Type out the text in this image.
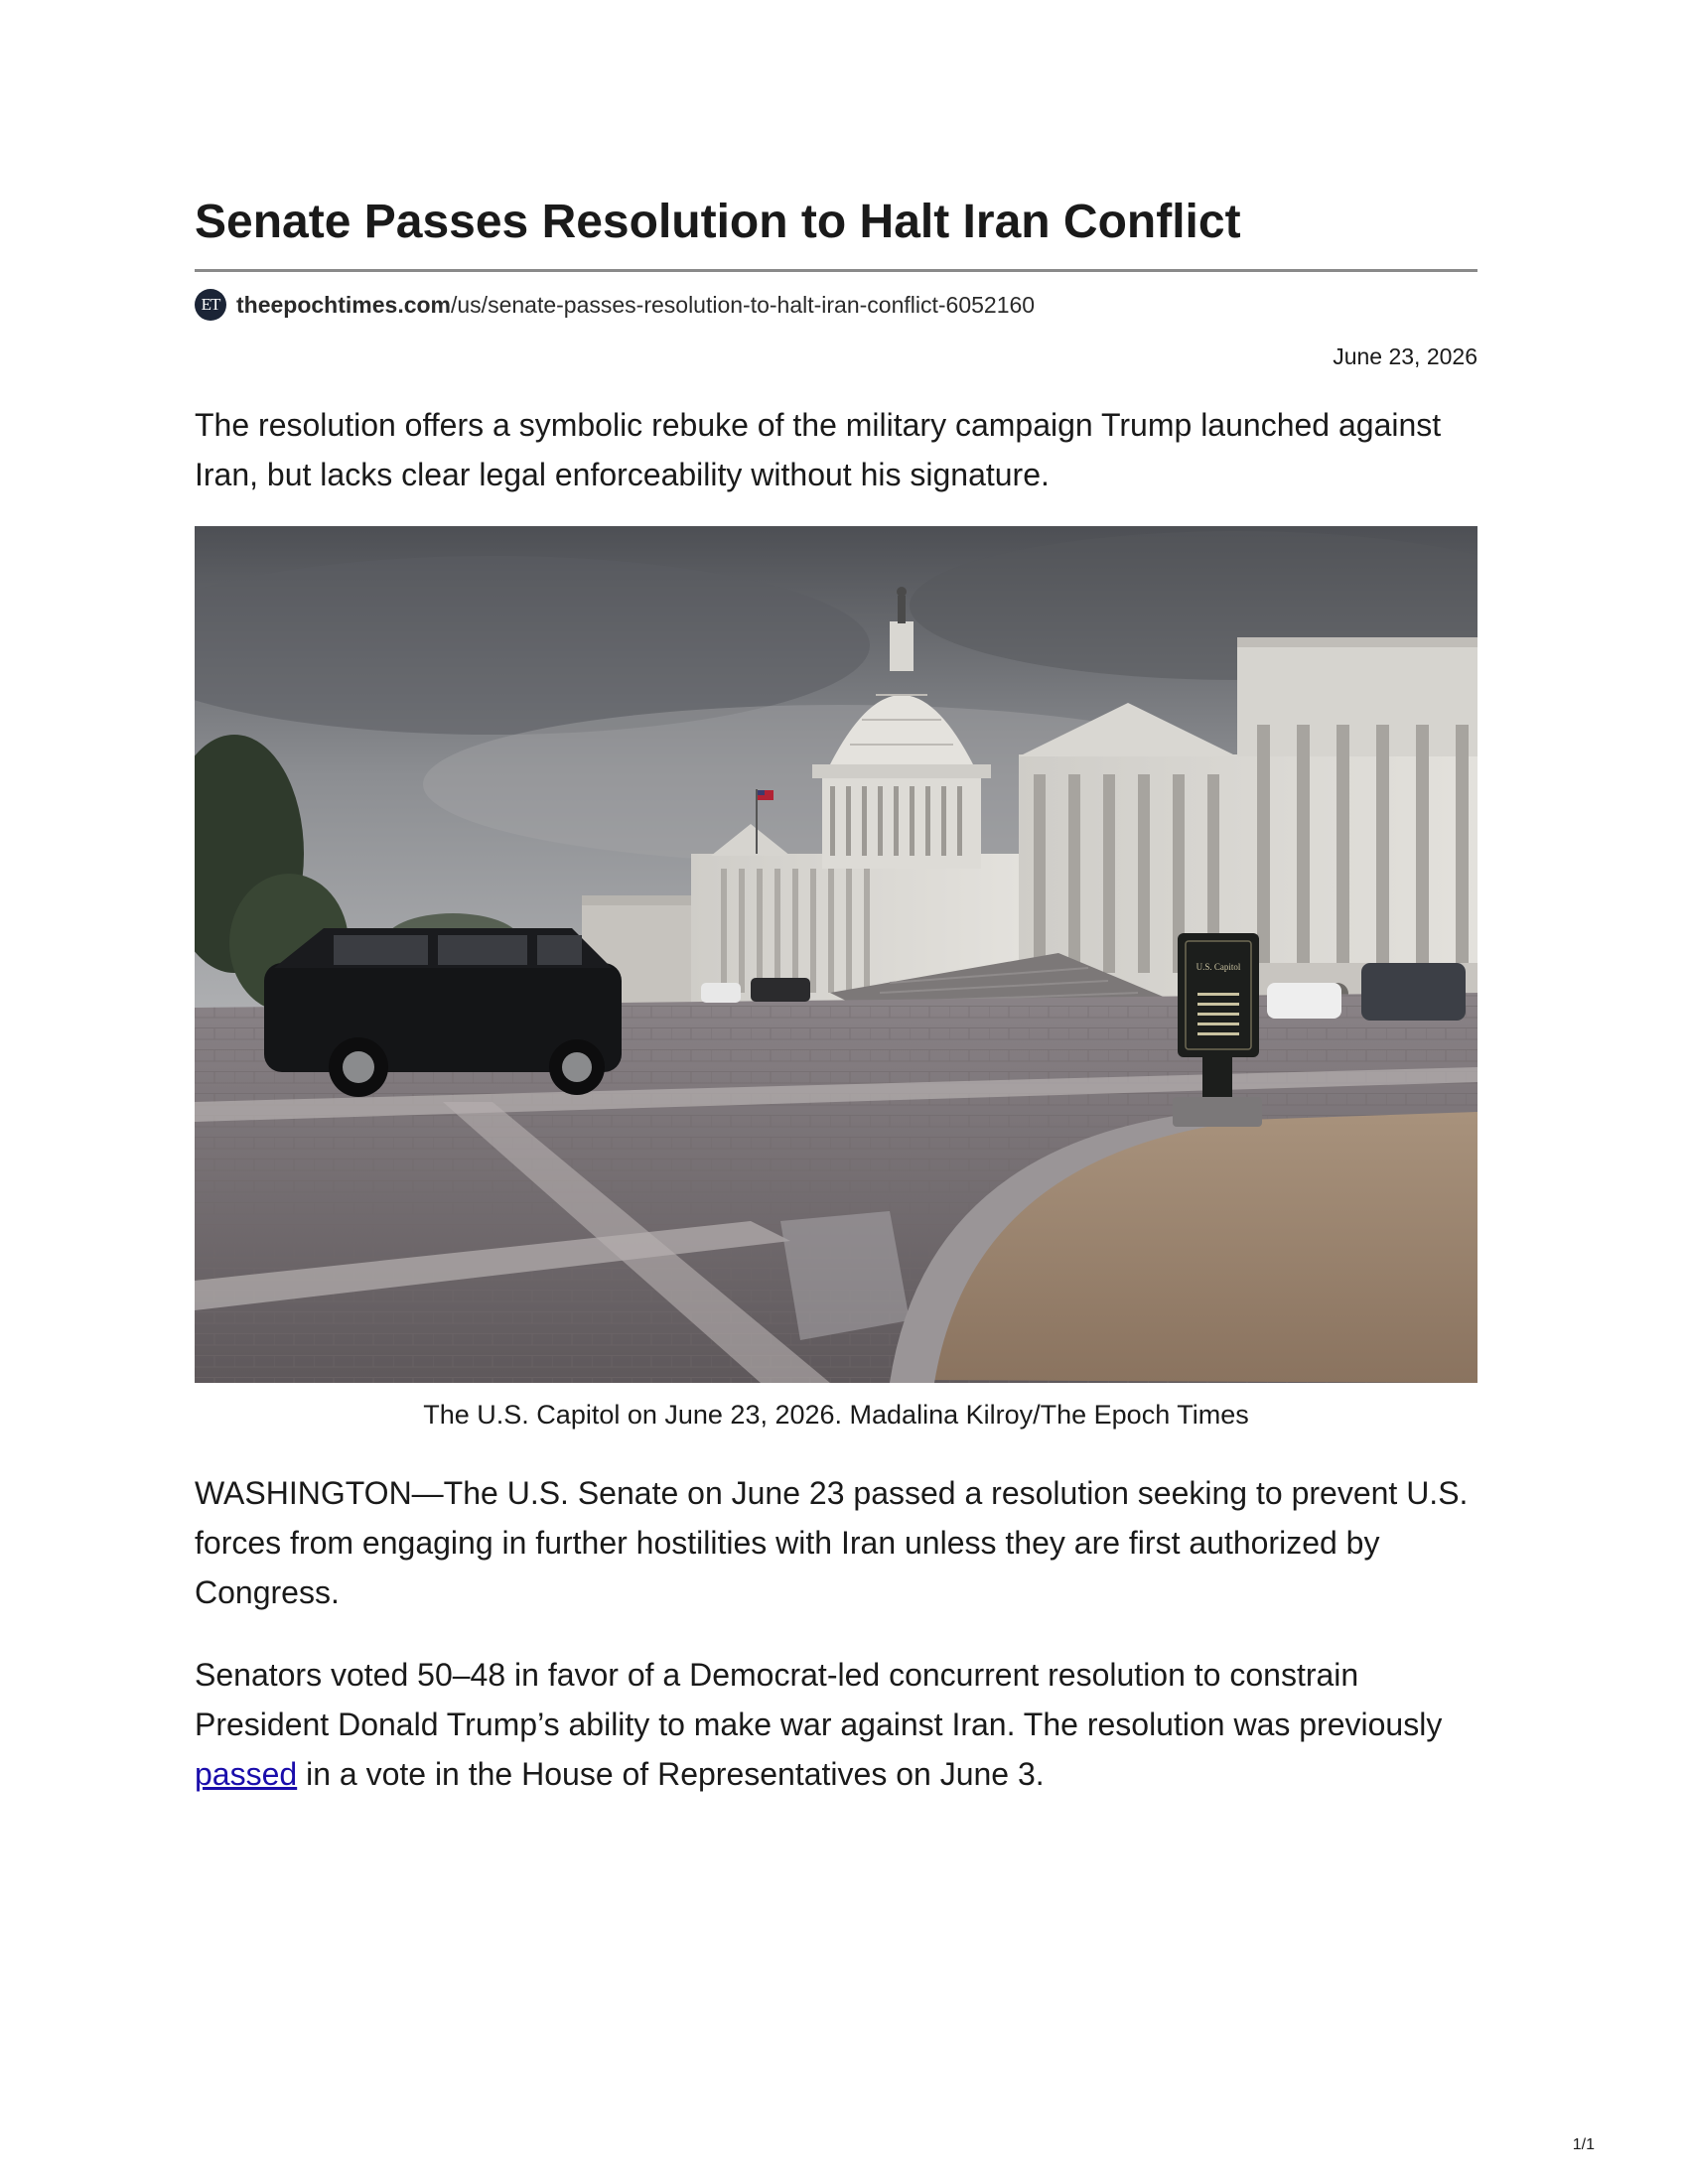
Senate Passes Resolution to Halt Iran Conflict
ET theepochtimes.com /us/senate-passes-resolution-to-halt-iran-conflict-6052160
June 23, 2026

The resolution offers a symbolic rebuke of the military campaign Trump launched against Iran, but lacks clear legal enforceability without his signature.

U.S. Capitol
The U.S. Capitol on June 23, 2026. Madalina Kilroy/The Epoch Times

WASHINGTON—The U.S. Senate on June 23 passed a resolution seeking to prevent U.S. forces from engaging in further hostilities with Iran unless they are first authorized by Congress.

Senators voted 50–48 in favor of a Democrat-led concurrent resolution to constrain President Donald Trump’s ability to make war against Iran. The resolution was previously passed in a vote in the House of Representatives on June 3.

1/1
